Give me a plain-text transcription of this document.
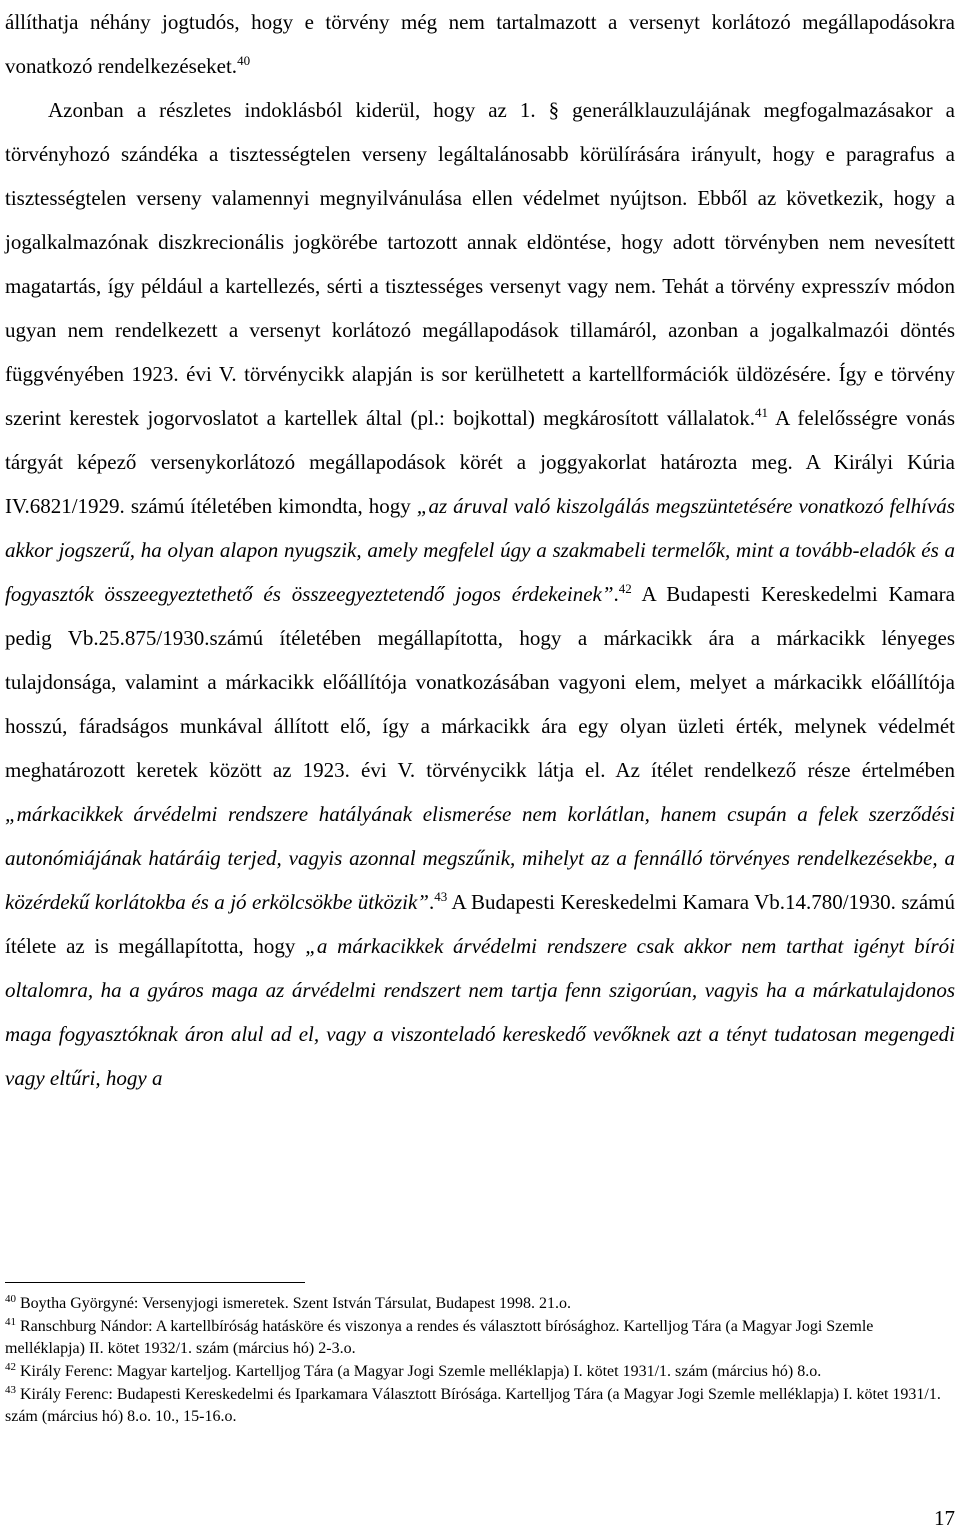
állíthatja néhány jogtudós, hogy e törvény még nem tartalmazott a versenyt korlátozó megállapodásokra vonatkozó rendelkezéseket.$^{40}$

Azonban a részletes indoklásból kiderül, hogy az 1. § generálklauzulájának megfogalmazásakor a törvényhozó szándéka a tisztességtelen verseny legáltalánosabb körülírására irányult, hogy e paragrafus a tisztességtelen verseny valamennyi megnyilvánulása ellen védelmet nyújtson. Ebből az következik, hogy a jogalkalmazónak diszkrecionális jogkörébe tartozott annak eldöntése, hogy adott törvényben nem nevesített magatartás, így például a kartellezés, sérti a tisztességes versenyt vagy nem. Tehát a törvény expresszív módon ugyan nem rendelkezett a versenyt korlátozó megállapodások tillamáról, azonban a jogalkalmazói döntés függvényében 1923. évi V. törvénycikk alapján is sor kerülhetett a kartellformációk üldözésére. Így e törvény szerint kerestek jogorvoslatot a kartellek által (pl.: bojkottal) megkárosított vállalatok.$^{41}$ A felelősségre vonás tárgyát képező versenykorlátozó megállapodások körét a joggyakorlat határozta meg. A Királyi Kúria IV.6821/1929. számú ítéletében kimondta, hogy „az áruval való kiszolgálás megszüntetésére vonatkozó felhívás akkor jogszerű, ha olyan alapon nyugszik, amely megfelel úgy a szakmabeli termelők, mint a tovább-eladók és a fogyasztók összeegyeztethető és összeegyeztetendő jogos érdekeinek”.$^{42}$ A Budapesti Kereskedelmi Kamara pedig Vb.25.875/1930.számú ítéletében megállapította, hogy a márkacikk ára a márkacikk lényeges tulajdonsága, valamint a márkacikk előállítója vonatkozásában vagyoni elem, melyet a márkacikk előállítója hosszú, fáradságos munkával állított elő, így a márkacikk ára egy olyan üzleti érték, melynek védelmét meghatározott keretek között az 1923. évi V. törvénycikk látja el. Az ítélet rendelkező része értelmében „márkacikkek árvédelmi rendszere hatályának elismerése nem korlátlan, hanem csupán a felek szerződési autonómiájának határáig terjed, vagyis azonnal megszűnik, mihelyt az a fennálló törvényes rendelkezésekbe, a közérdekű korlátokba és a jó erkölcsökbe ütközik”.$^{43}$ A Budapesti Kereskedelmi Kamara Vb.14.780/1930. számú ítélete az is megállapította, hogy „a márkacikkek árvédelmi rendszere csak akkor nem tarthat igényt bírói oltalomra, ha a gyáros maga az árvédelmi rendszert nem tartja fenn szigorúan, vagyis ha a márkatulajdonos maga fogyasztóknak áron alul ad el, vagy a viszonteladó kereskedő vevőknek azt a tényt tudatosan megengedi vagy eltűri, hogy a

$^{40}$ Boytha Györgyné: Versenyjogi ismeretek. Szent István Társulat, Budapest 1998. 21.o.

$^{41}$ Ranschburg Nándor: A kartellbíróság hatásköre és viszonya a rendes és választott bírósághoz. Kartelljog Tára (a Magyar Jogi Szemle melléklapja) II. kötet 1932/1. szám (március hó) 2-3.o.

$^{42}$ Király Ferenc: Magyar karteljog. Kartelljog Tára (a Magyar Jogi Szemle melléklapja) I. kötet 1931/1. szám (március hó) 8.o.

$^{43}$ Király Ferenc: Budapesti Kereskedelmi és Iparkamara Választott Bírósága. Kartelljog Tára (a Magyar Jogi Szemle melléklapja) I. kötet 1931/1. szám (március hó) 8.o. 10., 15-16.o.

17
